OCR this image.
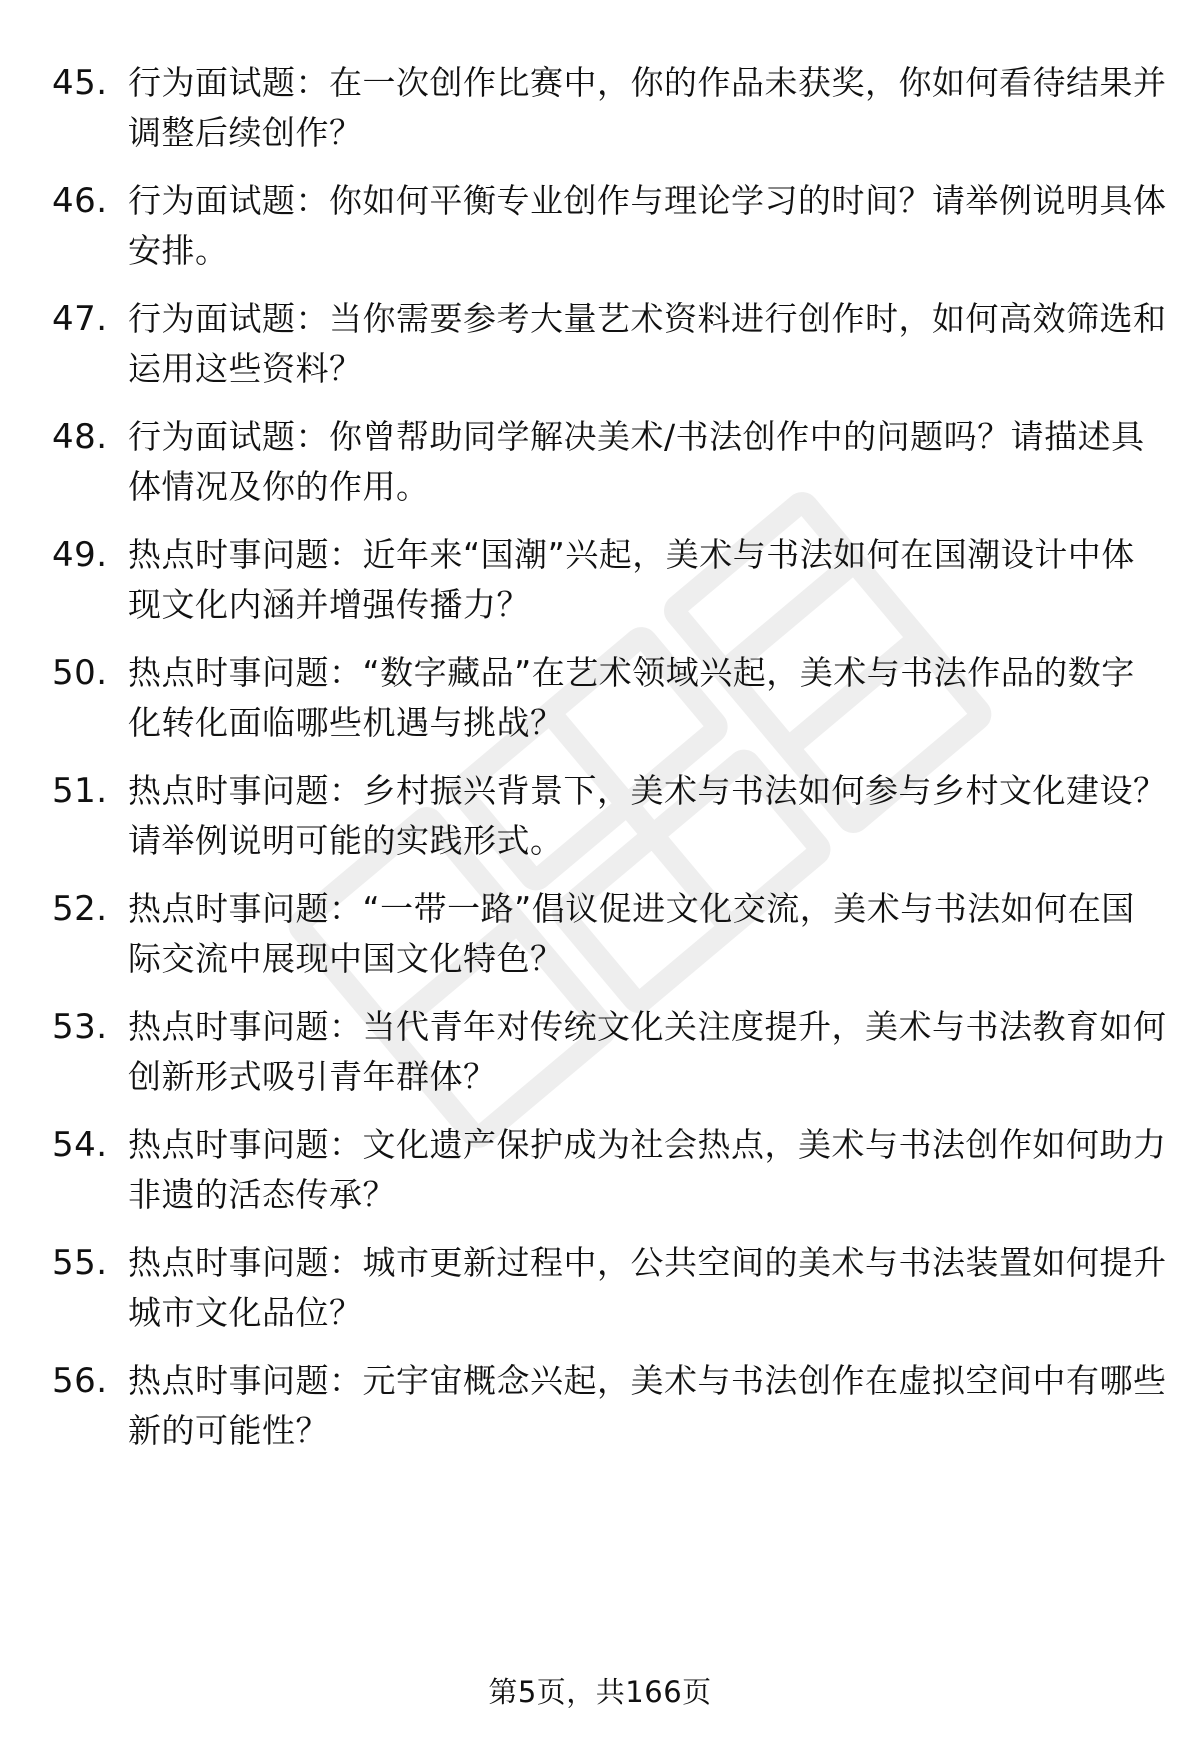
45. 行为面试题：在一次创作比赛中，你的作品未获奖，你如何看待结果并调整后续创作？

46. 行为面试题：你如何平衡专业创作与理论学习的时间？请举例说明具体安排。

47. 行为面试题：当你需要参考大量艺术资料进行创作时，如何高效筛选和运用这些资料？

48. 行为面试题：你曾帮助同学解决美术/书法创作中的问题吗？请描述具体情况及你的作用。

49. 热点时事问题：近年来“国潮”兴起，美术与书法如何在国潮设计中体现文化内涵并增强传播力？

50. 热点时事问题：“数字藏品”在艺术领域兴起，美术与书法作品的数字化转化面临哪些机遇与挑战？

51. 热点时事问题：乡村振兴背景下，美术与书法如何参与乡村文化建设？请举例说明可能的实践形式。

52. 热点时事问题：“一带一路”倡议促进文化交流，美术与书法如何在国际交流中展现中国文化特色？

53. 热点时事问题：当代青年对传统文化关注度提升，美术与书法教育如何创新形式吸引青年群体？

54. 热点时事问题：文化遗产保护成为社会热点，美术与书法创作如何助力非遗的活态传承？

55. 热点时事问题：城市更新过程中，公共空间的美术与书法装置如何提升城市文化品位？

56. 热点时事问题：元宇宙概念兴起，美术与书法创作在虚拟空间中有哪些新的可能性？

第5页，共166页
